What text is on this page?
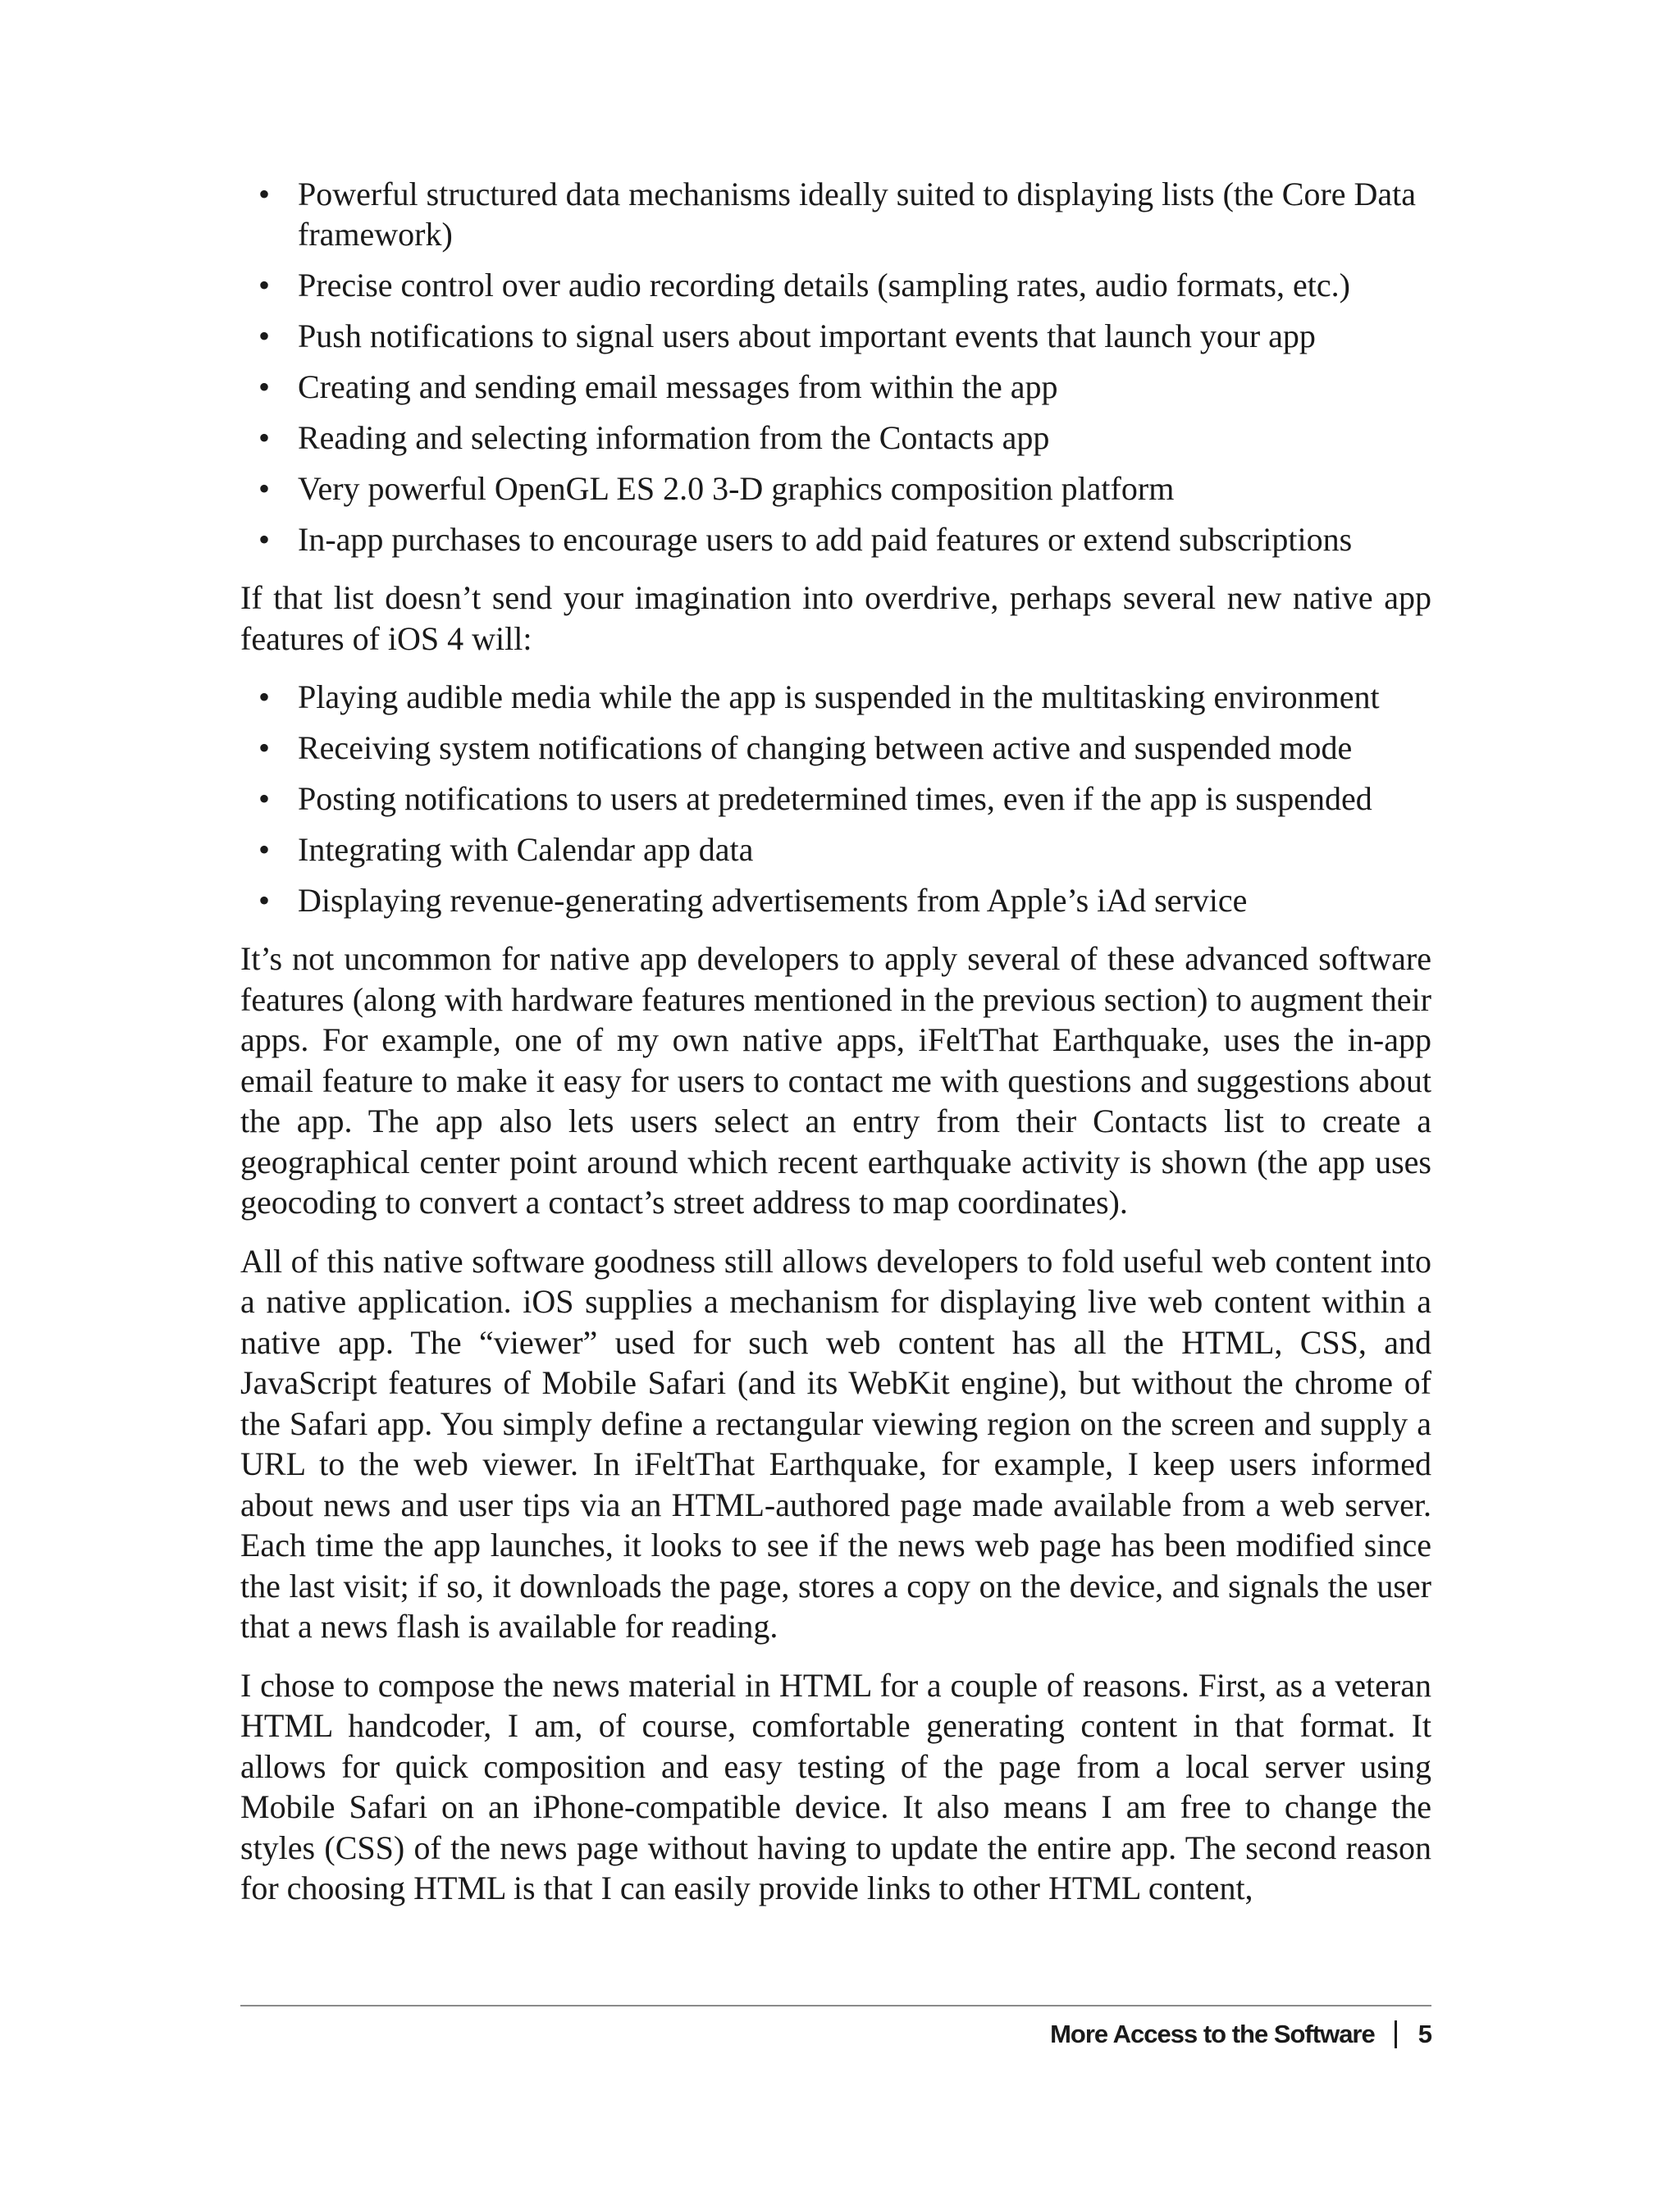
• Powerful structured data mechanisms ideally suited to displaying lists (the Core Data framework)
• Precise control over audio recording details (sampling rates, audio formats, etc.)
• Push notifications to signal users about important events that launch your app
• Creating and sending email messages from within the app
• Reading and selecting information from the Contacts app
• Very powerful OpenGL ES 2.0 3-D graphics composition platform
• In-app purchases to encourage users to add paid features or extend subscriptions

If that list doesn’t send your imagination into overdrive, perhaps several new native app features of iOS 4 will:

• Playing audible media while the app is suspended in the multitasking environment
• Receiving system notifications of changing between active and suspended mode
• Posting notifications to users at predetermined times, even if the app is suspended
• Integrating with Calendar app data
• Displaying revenue-generating advertisements from Apple’s iAd service

It’s not uncommon for native app developers to apply several of these advanced software features (along with hardware features mentioned in the previous section) to augment their apps. For example, one of my own native apps, iFeltThat Earthquake, uses the in-app email feature to make it easy for users to contact me with questions and suggestions about the app. The app also lets users select an entry from their Contacts list to create a geographical center point around which recent earthquake activity is shown (the app uses geocoding to convert a contact’s street address to map coordinates).

All of this native software goodness still allows developers to fold useful web content into a native application. iOS supplies a mechanism for displaying live web content within a native app. The “viewer” used for such web content has all the HTML, CSS, and JavaScript features of Mobile Safari (and its WebKit engine), but without the chrome of the Safari app. You simply define a rectangular viewing region on the screen and supply a URL to the web viewer. In iFeltThat Earthquake, for example, I keep users informed about news and user tips via an HTML-authored page made available from a web server. Each time the app launches, it looks to see if the news web page has been modified since the last visit; if so, it downloads the page, stores a copy on the device, and signals the user that a news flash is available for reading.

I chose to compose the news material in HTML for a couple of reasons. First, as a veteran HTML handcoder, I am, of course, comfortable generating content in that format. It allows for quick composition and easy testing of the page from a local server using Mobile Safari on an iPhone-compatible device. It also means I am free to change the styles (CSS) of the news page without having to update the entire app. The second reason for choosing HTML is that I can easily provide links to other HTML content,

More Access to the Software 5
